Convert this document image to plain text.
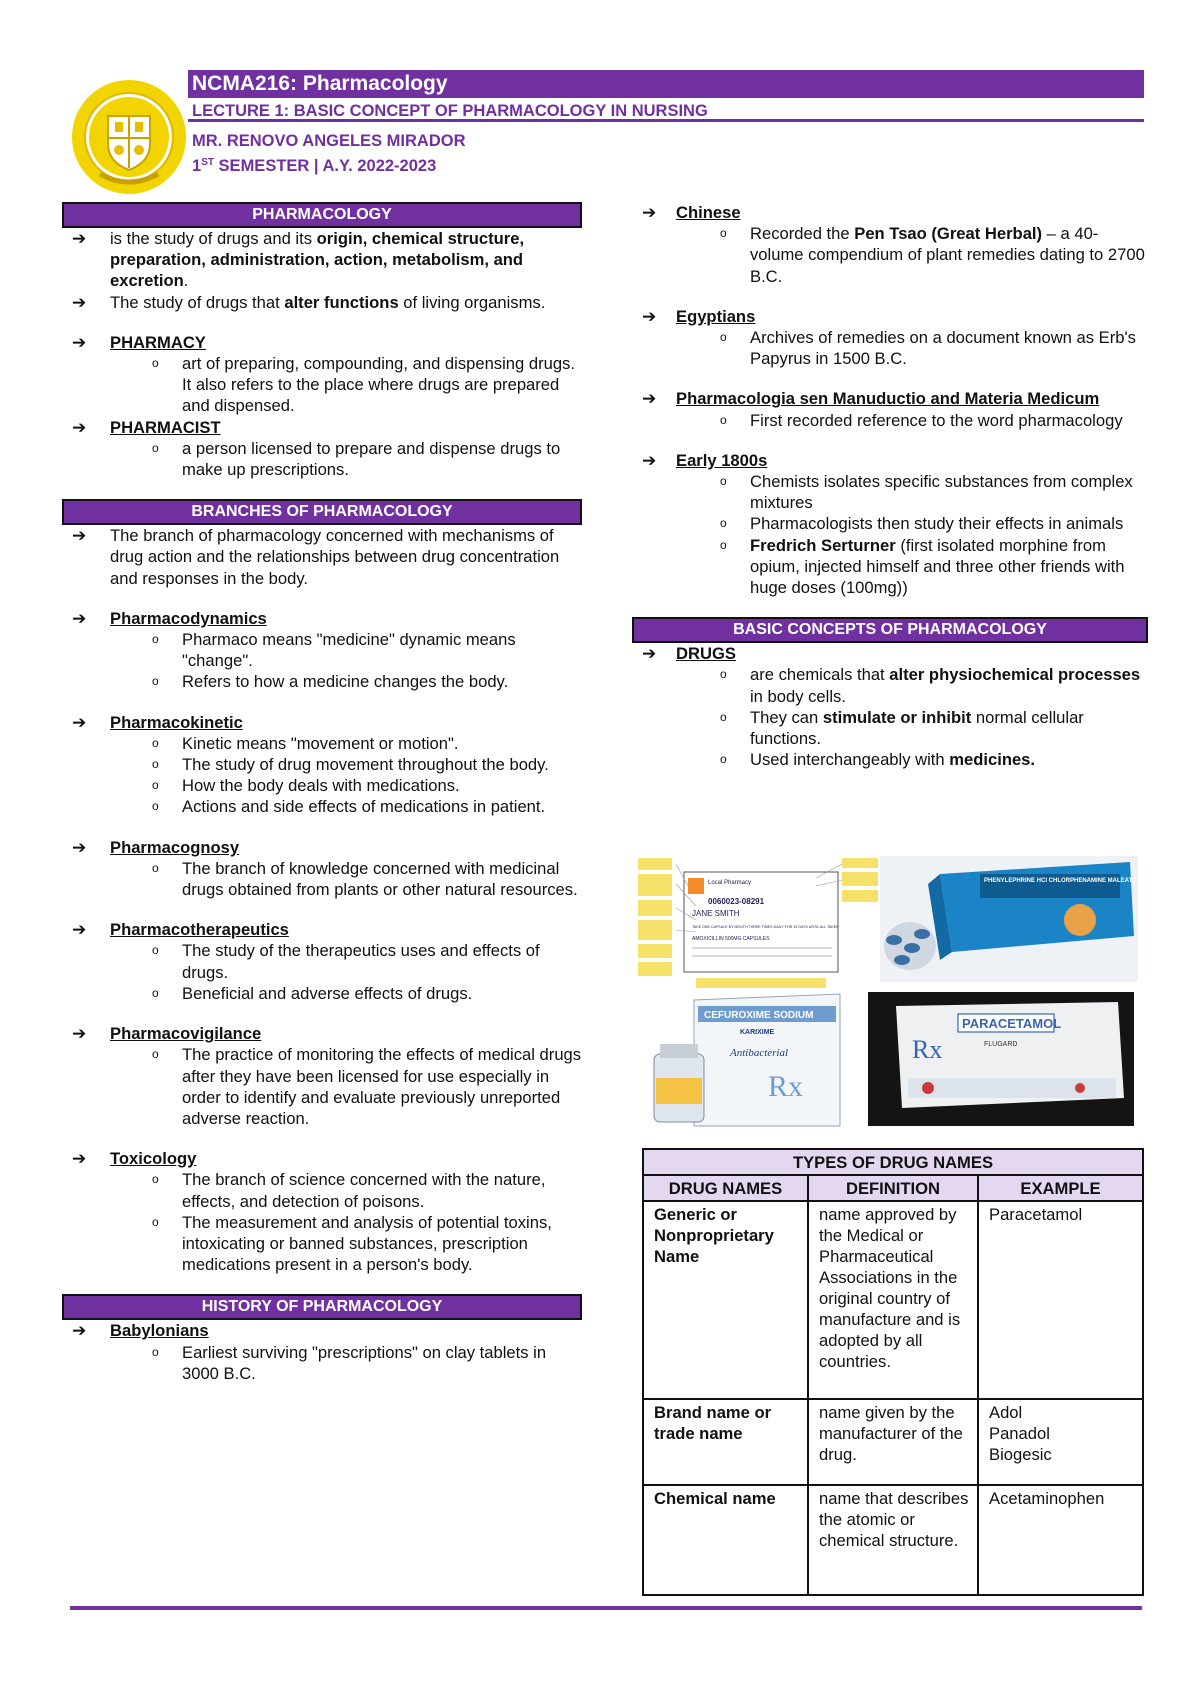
NCMA216: Pharmacology
LECTURE 1: BASIC CONCEPT OF PHARMACOLOGY IN NURSING
MR. RENOVO ANGELES MIRADOR
1ST SEMESTER | A.Y. 2022-2023
PHARMACOLOGY
➔ is the study of drugs and its origin, chemical structure, preparation, administration, action, metabolism, and excretion.
➔ The study of drugs that alter functions of living organisms.
➔ PHARMACY
o art of preparing, compounding, and dispensing drugs. It also refers to the place where drugs are prepared and dispensed.
➔ PHARMACIST
o a person licensed to prepare and dispense drugs to make up prescriptions.
BRANCHES OF PHARMACOLOGY
➔ The branch of pharmacology concerned with mechanisms of drug action and the relationships between drug concentration and responses in the body.
➔ Pharmacodynamics
o Pharmaco means "medicine" dynamic means "change".
o Refers to how a medicine changes the body.
➔ Pharmacokinetic
o Kinetic means "movement or motion".
o The study of drug movement throughout the body.
o How the body deals with medications.
o Actions and side effects of medications in patient.
➔ Pharmacognosy
o The branch of knowledge concerned with medicinal drugs obtained from plants or other natural resources.
➔ Pharmacotherapeutics
o The study of the therapeutics uses and effects of drugs.
o Beneficial and adverse effects of drugs.
➔ Pharmacovigilance
o The practice of monitoring the effects of medical drugs after they have been licensed for use especially in order to identify and evaluate previously unreported adverse reaction.
➔ Toxicology
o The branch of science concerned with the nature, effects, and detection of poisons.
o The measurement and analysis of potential toxins, intoxicating or banned substances, prescription medications present in a person's body.
HISTORY OF PHARMACOLOGY
➔ Babylonians
o Earliest surviving "prescriptions" on clay tablets in 3000 B.C.
➔ Chinese
o Recorded the Pen Tsao (Great Herbal) – a 40-volume compendium of plant remedies dating to 2700 B.C.
➔ Egyptians
o Archives of remedies on a document known as Erb's Papyrus in 1500 B.C.
➔ Pharmacologia sen Manuductio and Materia Medicum
o First recorded reference to the word pharmacology
➔ Early 1800s
o Chemists isolates specific substances from complex mixtures
o Pharmacologists then study their effects in animals
o Fredrich Serturner (first isolated morphine from opium, injected himself and three other friends with huge doses (100mg))
BASIC CONCEPTS OF PHARMACOLOGY
➔ DRUGS
o are chemicals that alter physiochemical processes in body cells.
o They can stimulate or inhibit normal cellular functions.
o Used interchangeably with medicines.
Local Pharmacy
0060023-08291
JANE SMITH
TAKE ONE CAPSULE BY MOUTH THREE TIMES DAILY FOR 10 DAYS UNTIL ALL TAKEN
AMOXICILLIN 500MG CAPSULES
PHENYLEPHRINE HCl CHLORPHENAMINE MALEATE PARACETAMOL
CEFUROXIME SODIUM
KARIXIME
Antibacterial
Rx
PARACETAMOL
FLUGARD
Rx
TYPES OF DRUG NAMES		
DRUG NAMES	DEFINITION	EXAMPLE
Generic or Nonproprietary Name	name approved by the Medical or Pharmaceutical Associations in the original country of manufacture and is adopted by all countries.	Paracetamol

Brand name or trade name	name given by the manufacturer of the drug.	Adol
Panadol
Biogesic

Chemical name	name that describes the atomic or chemical structure.	Acetaminophen
